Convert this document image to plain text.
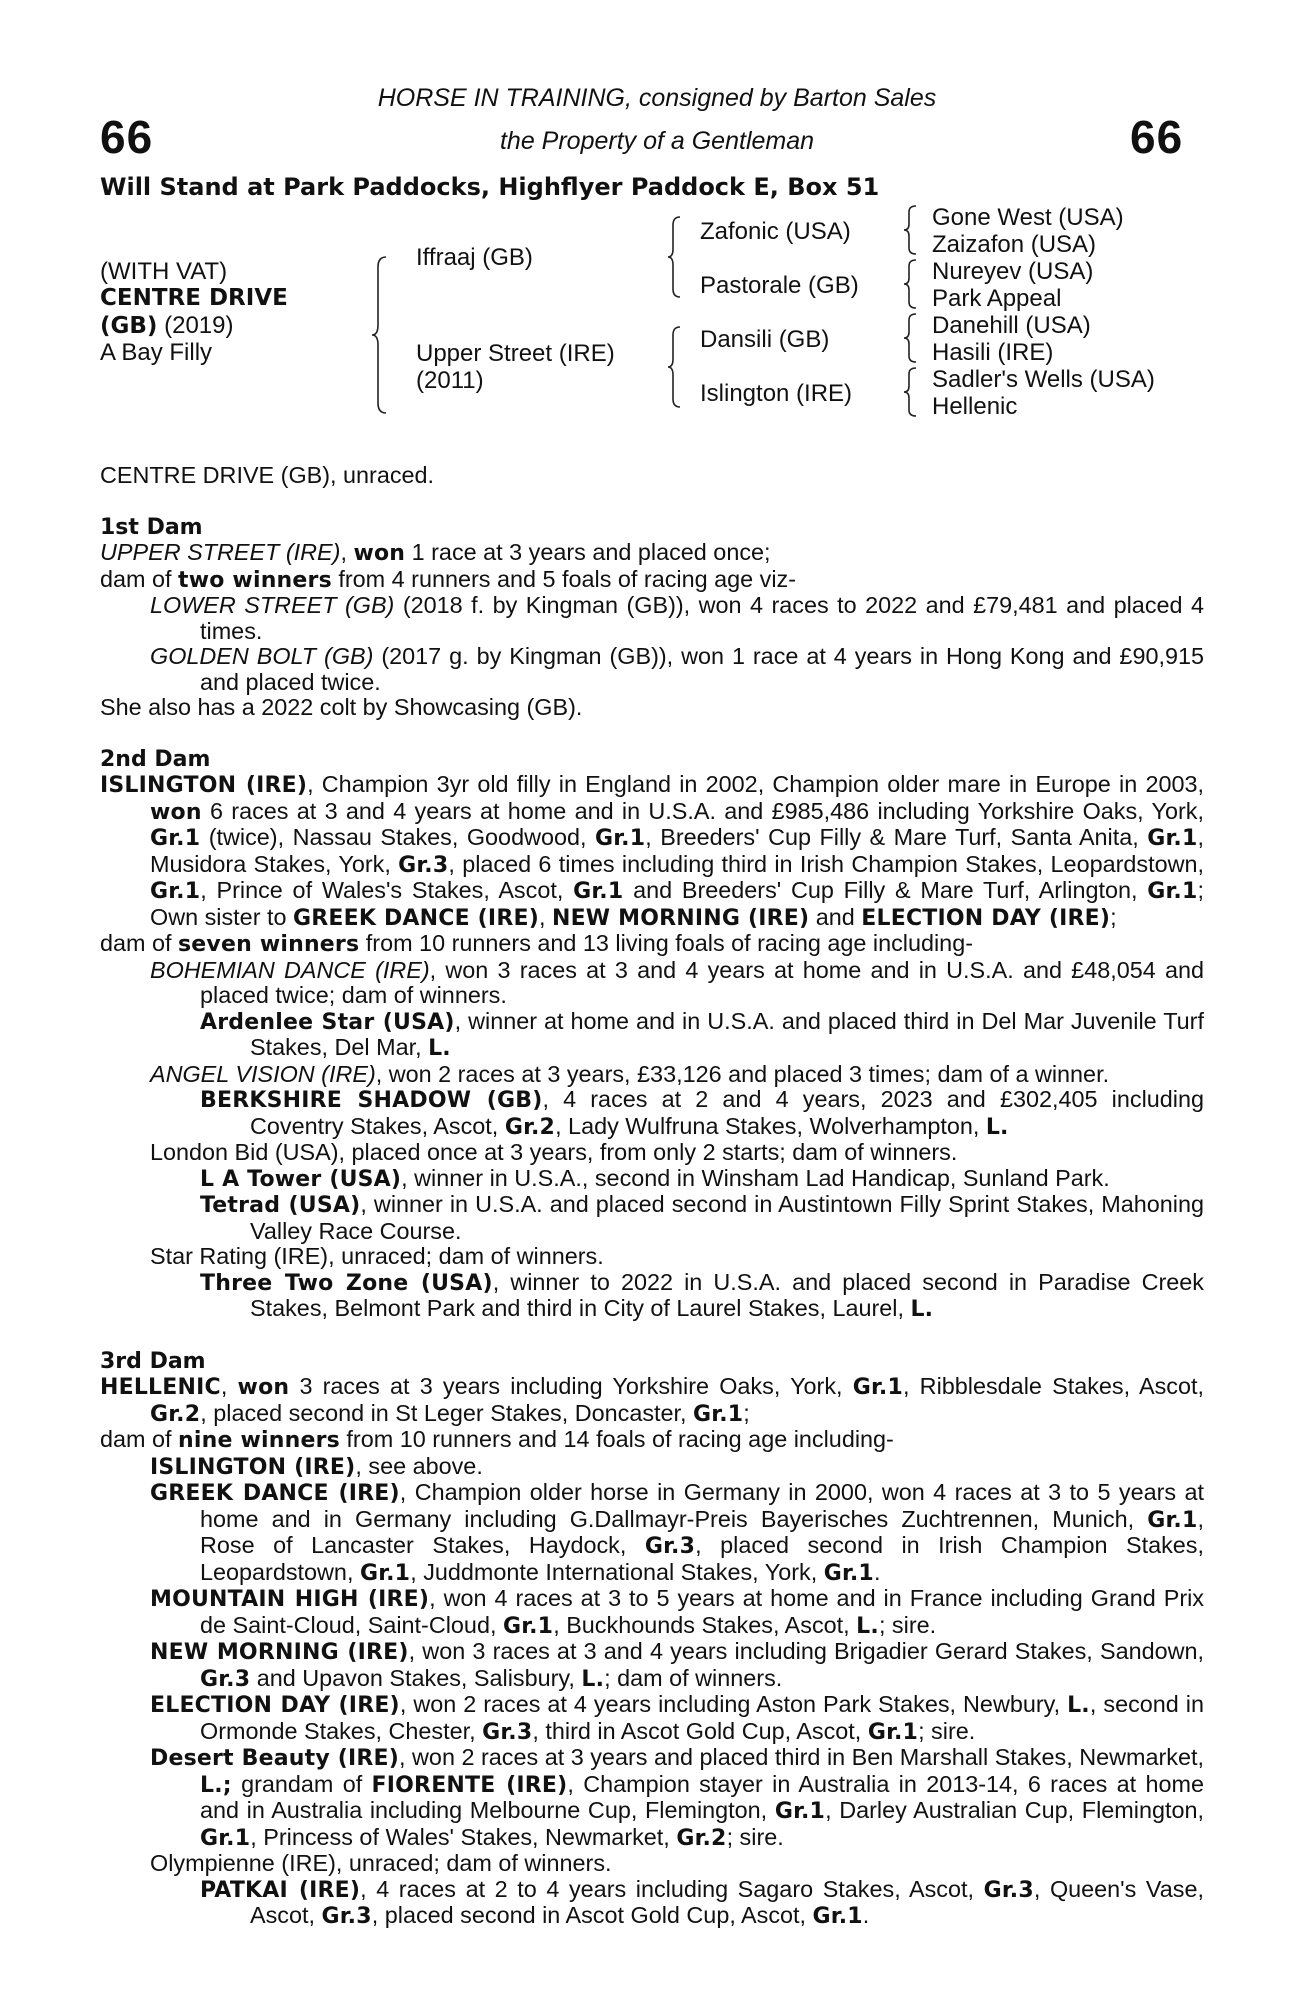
66	66
HORSE IN TRAINING, consigned by Barton Sales
the Property of a Gentleman
Will Stand at Park Paddocks, Highflyer Paddock E, Box 51
(WITH VAT)
CENTRE DRIVE
(GB) (2019)
A Bay Filly
Iffraaj (GB)
Upper Street (IRE)
(2011)
Zafonic (USA)
Pastorale (GB)
Dansili (GB)
Islington (IRE)
Gone West (USA)
Zaizafon (USA)
Nureyev (USA)
Park Appeal
Danehill (USA)
Hasili (IRE)
Sadler's Wells (USA)
Hellenic

CENTRE DRIVE (GB), unraced.

1st Dam

UPPER STREET (IRE), won 1 race at 3 years and placed once;

dam of two winners from 4 runners and 5 foals of racing age viz-

LOWER STREET (GB) (2018 f. by Kingman (GB)), won 4 races to 2022 and £79,481 and placed 4 times.

GOLDEN BOLT (GB) (2017 g. by Kingman (GB)), won 1 race at 4 years in Hong Kong and £90,915 and placed twice.

She also has a 2022 colt by Showcasing (GB).

2nd Dam

ISLINGTON (IRE), Champion 3yr old filly in England in 2002, Champion older mare in Europe in 2003, won 6 races at 3 and 4 years at home and in U.S.A. and £985,486 including Yorkshire Oaks, York, Gr.1 (twice), Nassau Stakes, Goodwood, Gr.1, Breeders' Cup Filly & Mare Turf, Santa Anita, Gr.1, Musidora Stakes, York, Gr.3, placed 6 times including third in Irish Champion Stakes, Leopardstown, Gr.1, Prince of Wales's Stakes, Ascot, Gr.1 and Breeders' Cup Filly & Mare Turf, Arlington, Gr.1; Own sister to GREEK DANCE (IRE), NEW MORNING (IRE) and ELECTION DAY (IRE);

dam of seven winners from 10 runners and 13 living foals of racing age including-

BOHEMIAN DANCE (IRE), won 3 races at 3 and 4 years at home and in U.S.A. and £48,054 and placed twice; dam of winners.

Ardenlee Star (USA), winner at home and in U.S.A. and placed third in Del Mar Juvenile Turf Stakes, Del Mar, L.

ANGEL VISION (IRE), won 2 races at 3 years, £33,126 and placed 3 times; dam of a winner.

BERKSHIRE SHADOW (GB), 4 races at 2 and 4 years, 2023 and £302,405 including Coventry Stakes, Ascot, Gr.2, Lady Wulfruna Stakes, Wolverhampton, L.

London Bid (USA), placed once at 3 years, from only 2 starts; dam of winners.

L A Tower (USA), winner in U.S.A., second in Winsham Lad Handicap, Sunland Park.

Tetrad (USA), winner in U.S.A. and placed second in Austintown Filly Sprint Stakes, Mahoning Valley Race Course.

Star Rating (IRE), unraced; dam of winners.

Three Two Zone (USA), winner to 2022 in U.S.A. and placed second in Paradise Creek Stakes, Belmont Park and third in City of Laurel Stakes, Laurel, L.

3rd Dam

HELLENIC, won 3 races at 3 years including Yorkshire Oaks, York, Gr.1, Ribblesdale Stakes, Ascot, Gr.2, placed second in St Leger Stakes, Doncaster, Gr.1;

dam of nine winners from 10 runners and 14 foals of racing age including-

ISLINGTON (IRE), see above.

GREEK DANCE (IRE), Champion older horse in Germany in 2000, won 4 races at 3 to 5 years at home and in Germany including G.Dallmayr-Preis Bayerisches Zuchtrennen, Munich, Gr.1, Rose of Lancaster Stakes, Haydock, Gr.3, placed second in Irish Champion Stakes, Leopardstown, Gr.1, Juddmonte International Stakes, York, Gr.1.

MOUNTAIN HIGH (IRE), won 4 races at 3 to 5 years at home and in France including Grand Prix de Saint-Cloud, Saint-Cloud, Gr.1, Buckhounds Stakes, Ascot, L.; sire.

NEW MORNING (IRE), won 3 races at 3 and 4 years including Brigadier Gerard Stakes, Sandown, Gr.3 and Upavon Stakes, Salisbury, L.; dam of winners.

ELECTION DAY (IRE), won 2 races at 4 years including Aston Park Stakes, Newbury, L., second in Ormonde Stakes, Chester, Gr.3, third in Ascot Gold Cup, Ascot, Gr.1; sire.

Desert Beauty (IRE), won 2 races at 3 years and placed third in Ben Marshall Stakes, Newmarket, L.; grandam of FIORENTE (IRE), Champion stayer in Australia in 2013-14, 6 races at home and in Australia including Melbourne Cup, Flemington, Gr.1, Darley Australian Cup, Flemington, Gr.1, Princess of Wales' Stakes, Newmarket, Gr.2; sire.

Olympienne (IRE), unraced; dam of winners.

PATKAI (IRE), 4 races at 2 to 4 years including Sagaro Stakes, Ascot, Gr.3, Queen's Vase, Ascot, Gr.3, placed second in Ascot Gold Cup, Ascot, Gr.1.
